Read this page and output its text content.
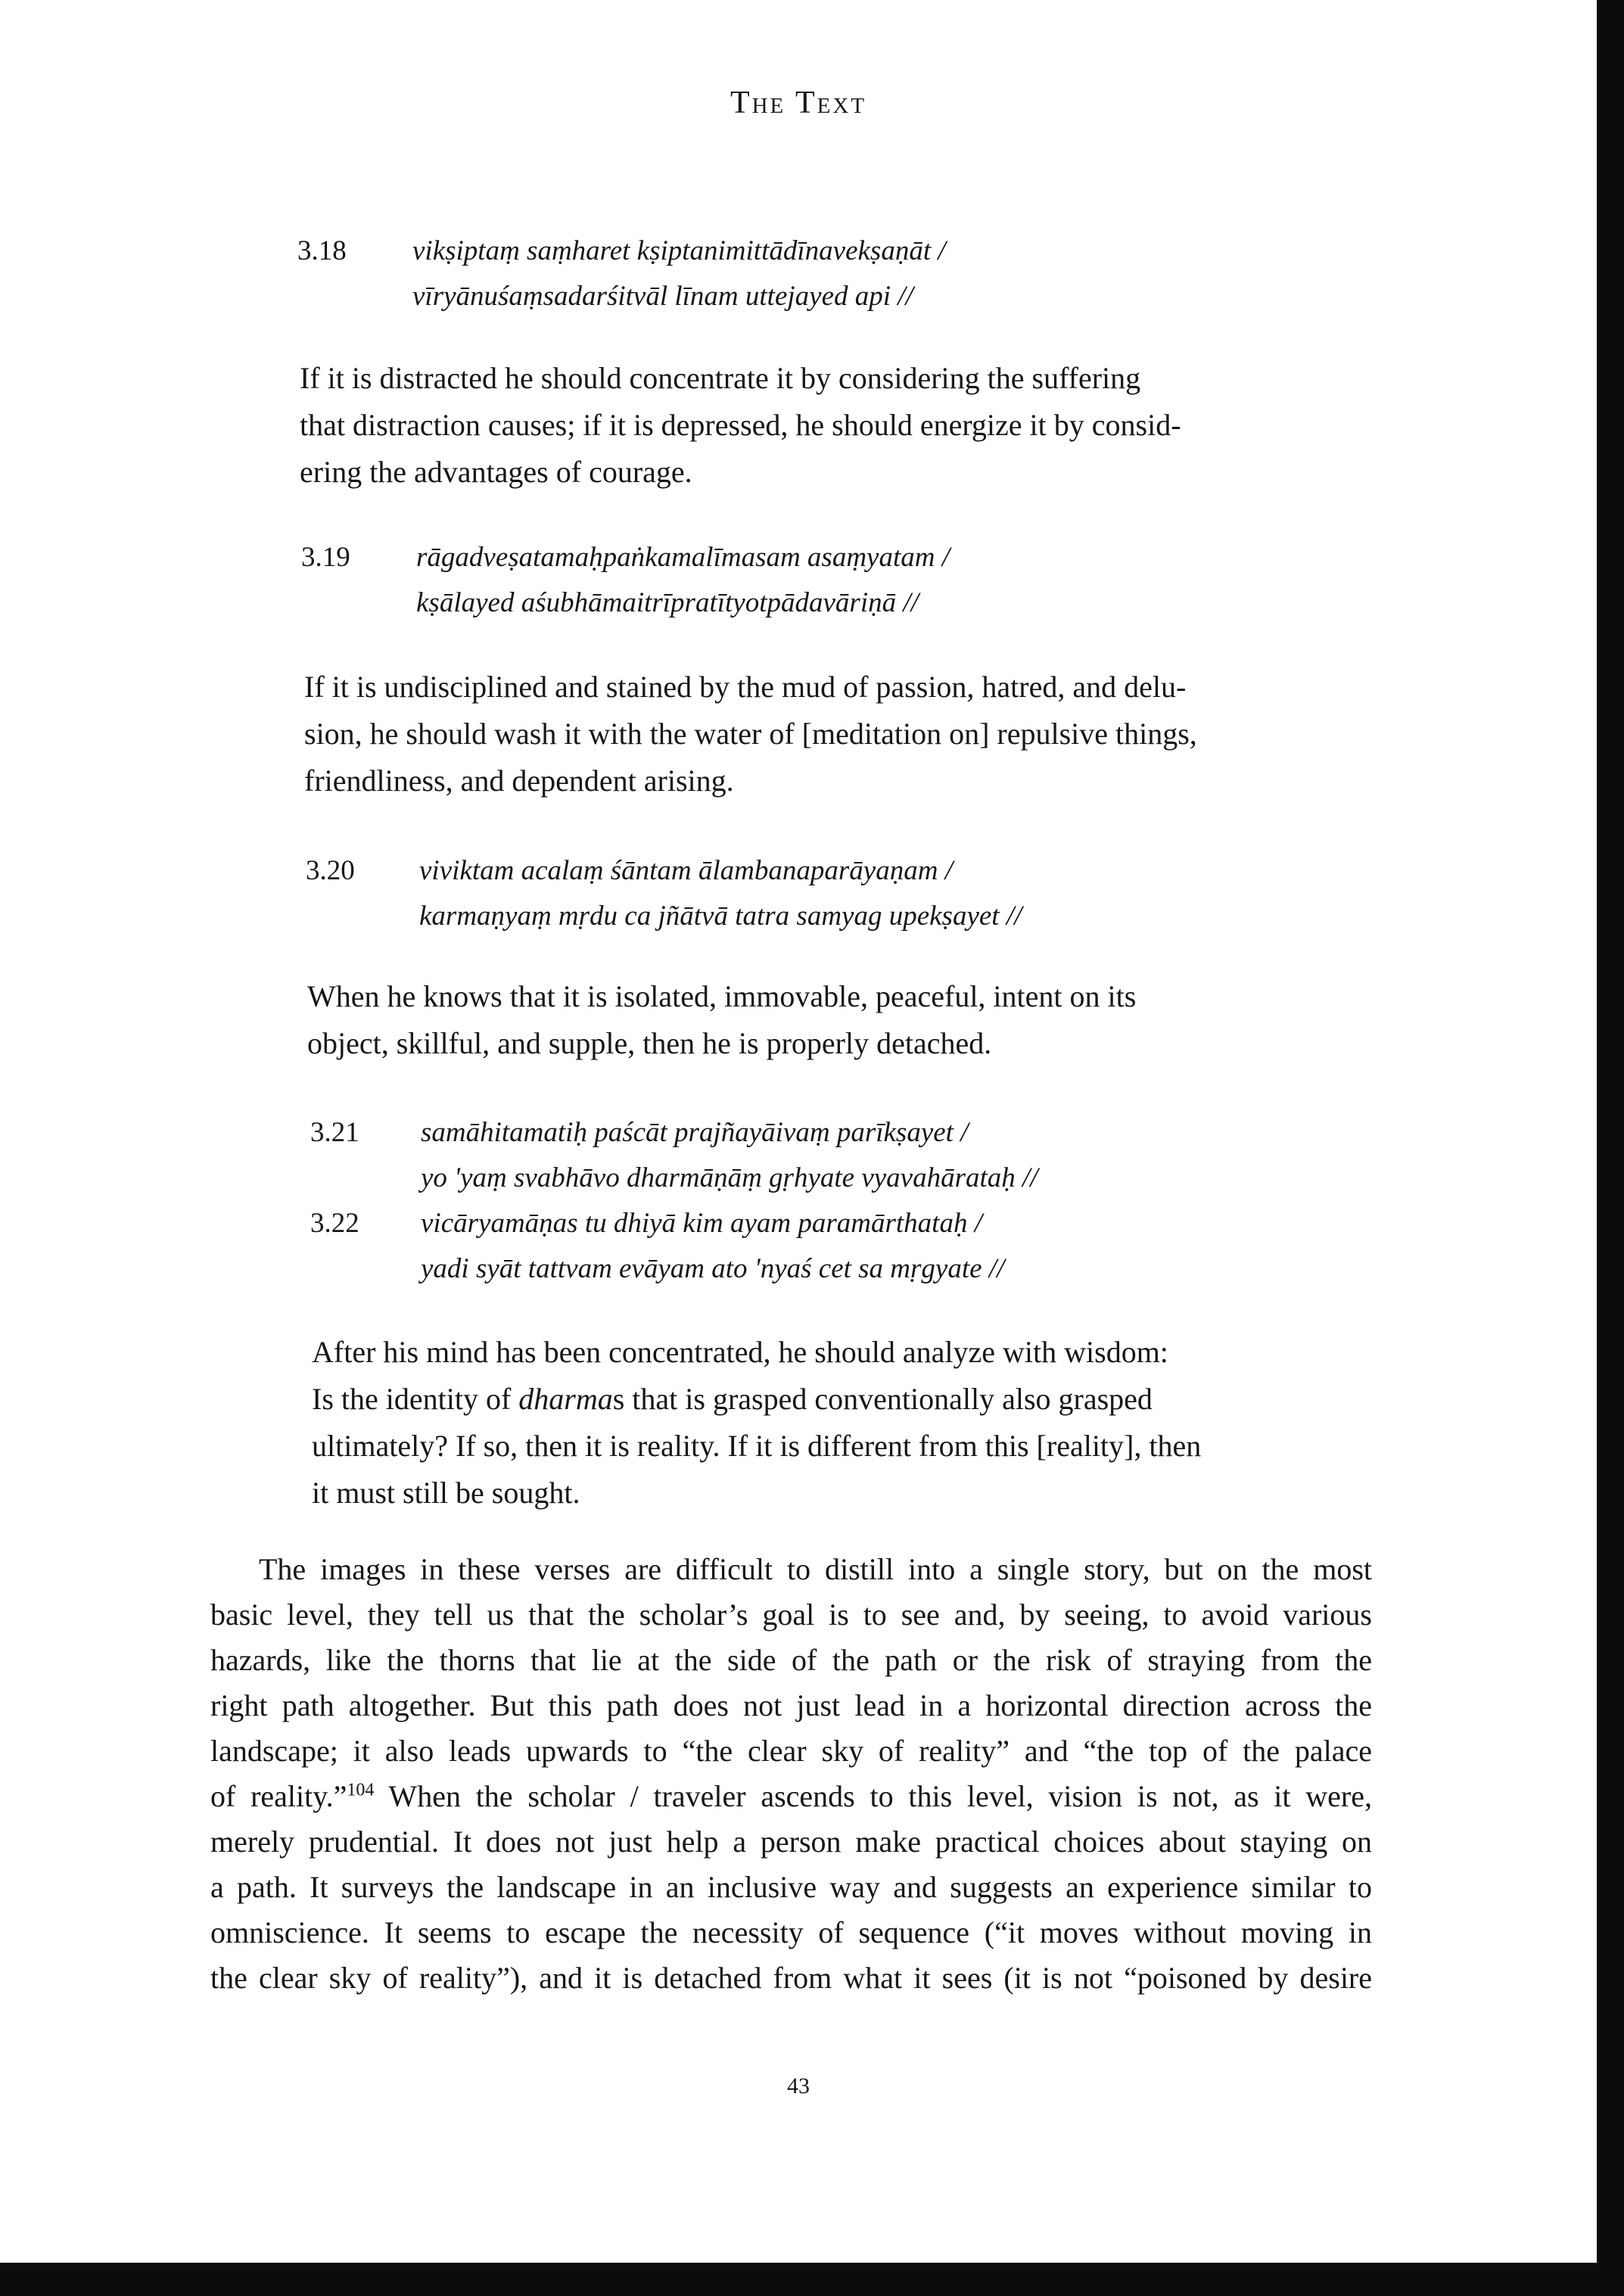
The Text
3.18 vikṣiptaṃ saṃharet kṣiptanimittādīnavekṣaṇāt /
vīryānuśaṃsadarśitvāl līnam uttejayed api //

If it is distracted he should concentrate it by considering the suffering
that distraction causes; if it is depressed, he should energize it by consid-
ering the advantages of courage.

3.19 rāgadveṣatamaḥpaṅkamalīmasam asaṃyatam /
kṣālayed aśubhāmaitrīpratītyotpādavāriṇā //

If it is undisciplined and stained by the mud of passion, hatred, and delu-
sion, he should wash it with the water of [meditation on] repulsive things,
friendliness, and dependent arising.

3.20 viviktam acalaṃ śāntam ālambanaparāyaṇam /
karmaṇyaṃ mṛdu ca jñātvā tatra samyag upekṣayet //

When he knows that it is isolated, immovable, peaceful, intent on its
object, skillful, and supple, then he is properly detached.

3.21 samāhitamatiḥ paścāt prajñayāivaṃ parīkṣayet /
yo 'yaṃ svabhāvo dharmāṇāṃ gṛhyate vyavahārataḥ //
3.22 vicāryamāṇas tu dhiyā kim ayam paramārthataḥ /
yadi syāt tattvam evāyam ato 'nyaś cet sa mṛgyate //

After his mind has been concentrated, he should analyze with wisdom:
Is the identity of dharmas that is grasped conventionally also grasped
ultimately? If so, then it is reality. If it is different from this [reality], then
it must still be sought.

The images in these verses are difficult to distill into a single story, but on the most
basic level, they tell us that the scholar’s goal is to see and, by seeing, to avoid various
hazards, like the thorns that lie at the side of the path or the risk of straying from the
right path altogether. But this path does not just lead in a horizontal direction across the
landscape; it also leads upwards to “the clear sky of reality” and “the top of the palace
of reality.”$^{104}$ When the scholar / traveler ascends to this level, vision is not, as it were,
merely prudential. It does not just help a person make practical choices about staying on
a path. It surveys the landscape in an inclusive way and suggests an experience similar to
omniscience. It seems to escape the necessity of sequence (“it moves without moving in
the clear sky of reality”), and it is detached from what it sees (it is not “poisoned by desire

43
